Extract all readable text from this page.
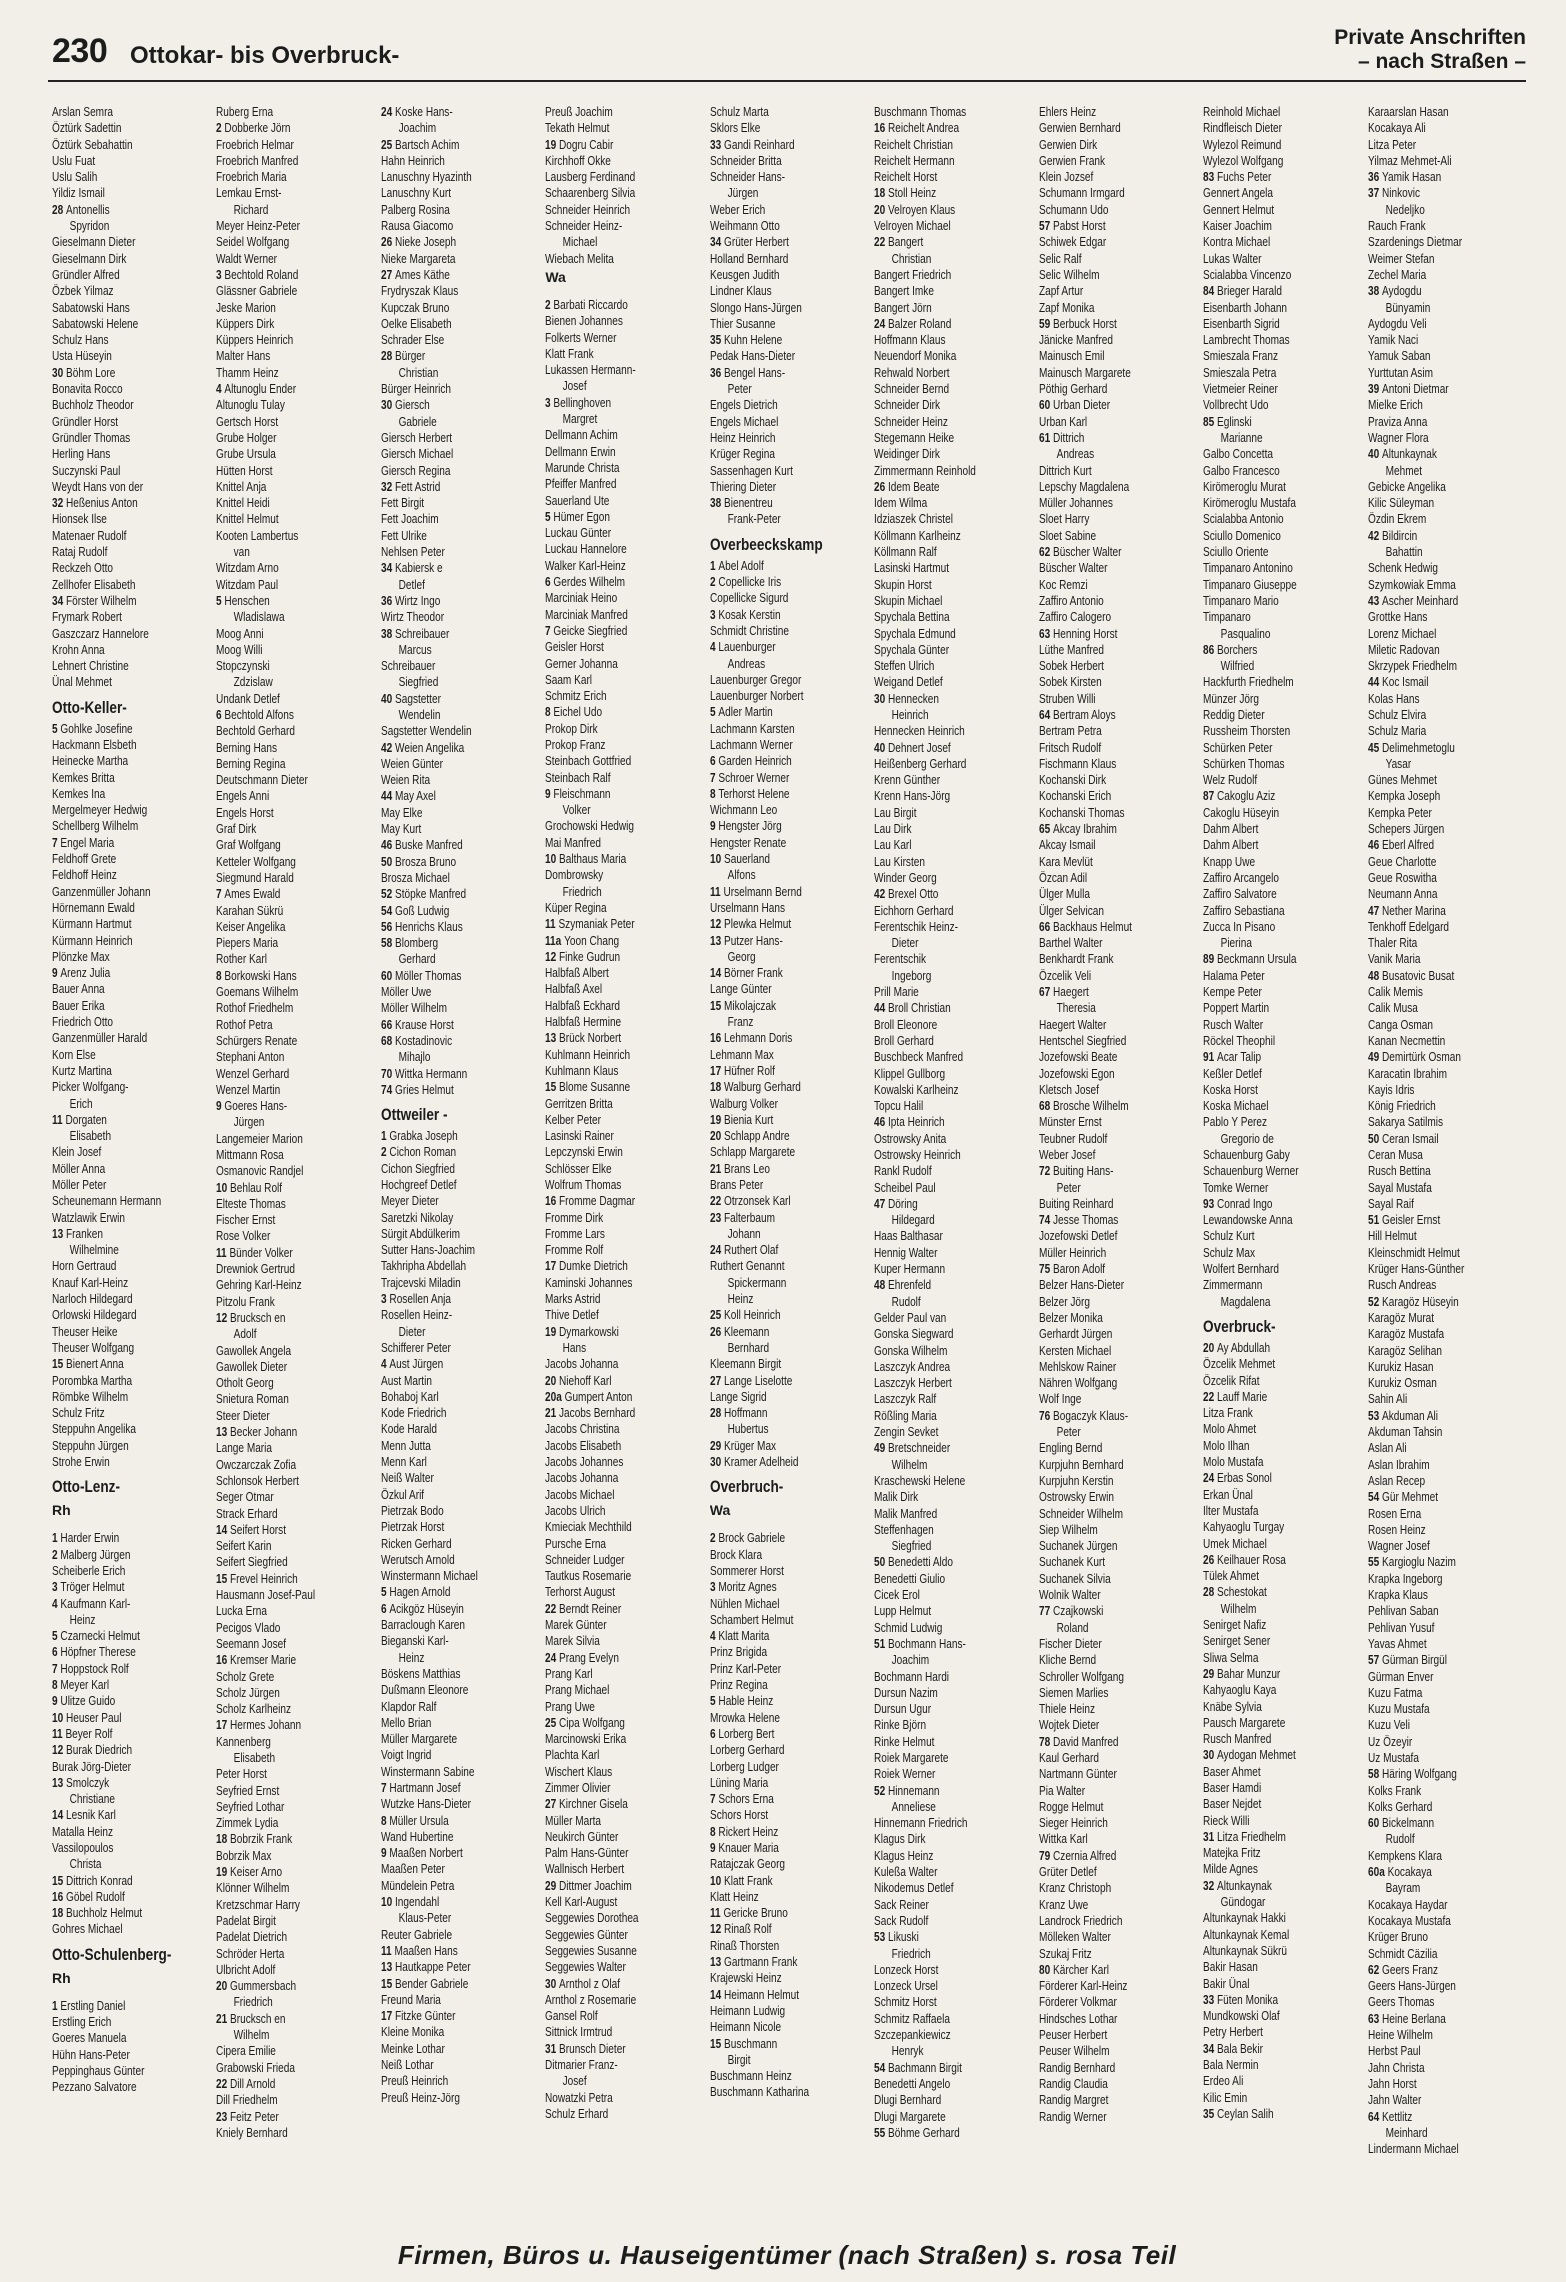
230 Ottokar- bis Overbruck-
Private Anschriften
– nach Straßen –
Arslan Semra
Öztürk Sadettin
Öztürk Sebahattin
Uslu Fuat
Uslu Salih
Yildiz Ismail
28 Antonellis
Spyridon
Gieselmann Dieter
Gieselmann Dirk
Gründler Alfred
Özbek Yilmaz
Sabatowski Hans
Sabatowski Helene
Schulz Hans
Usta Hüseyin
30 Böhm Lore
Bonavita Rocco
Buchholz Theodor
Gründler Horst
Gründler Thomas
Herling Hans
Suczynski Paul
Weydt Hans von der
32 Heßenius Anton
Hionsek Ilse
Matenaer Rudolf
Rataj Rudolf
Reckzeh Otto
Zellhofer Elisabeth
34 Förster Wilhelm
Frymark Robert
Gaszczarz Hannelore
Krohn Anna
Lehnert Christine
Ünal Mehmet
Otto-Keller-
5 Gohlke Josefine
Hackmann Elsbeth
Heinecke Martha
Kemkes Britta
Kemkes Ina
Mergelmeyer Hedwig
Schellberg Wilhelm
7 Engel Maria
Feldhoff Grete
Feldhoff Heinz
Ganzenmüller Johann
Hörnemann Ewald
Kürmann Hartmut
Kürmann Heinrich
Plönzke Max
9 Arenz Julia
Bauer Anna
Bauer Erika
Friedrich Otto
Ganzenmüller Harald
Korn Else
Kurtz Martina
Picker Wolfgang-
Erich
11 Dorgaten
Elisabeth
Klein Josef
Möller Anna
Möller Peter
Scheunemann Hermann
Watzlawik Erwin
13 Franken
Wilhelmine
Horn Gertraud
Knauf Karl-Heinz
Narloch Hildegard
Orlowski Hildegard
Theuser Heike
Theuser Wolfgang
15 Bienert Anna
Porombka Martha
Römbke Wilhelm
Schulz Fritz
Steppuhn Angelika
Steppuhn Jürgen
Strohe Erwin
Otto-Lenz-
Rh
1 Harder Erwin
2 Malberg Jürgen
Scheiberle Erich
3 Tröger Helmut
4 Kaufmann Karl-
Heinz
5 Czarnecki Helmut
6 Höpfner Therese
7 Hoppstock Rolf
8 Meyer Karl
9 Ulitze Guido
10 Heuser Paul
11 Beyer Rolf
12 Burak Diedrich
Burak Jörg-Dieter
13 Smolczyk
Christiane
14 Lesnik Karl
Matalla Heinz
Vassilopoulos
Christa
15 Dittrich Konrad
16 Göbel Rudolf
18 Buchholz Helmut
Gohres Michael
Otto-Schulenberg-
Rh
1 Erstling Daniel
Erstling Erich
Goeres Manuela
Hühn Hans-Peter
Peppinghaus Günter
Pezzano Salvatore
Ruberg Erna
2 Dobberke Jörn
Froebrich Helmar
Froebrich Manfred
Froebrich Maria
Lemkau Ernst-
Richard
Meyer Heinz-Peter
Seidel Wolfgang
Waldt Werner
3 Bechtold Roland
Glässner Gabriele
Jeske Marion
Küppers Dirk
Küppers Heinrich
Malter Hans
Thamm Heinz
4 Altunoglu Ender
Altunoglu Tulay
Gertsch Horst
Grube Holger
Grube Ursula
Hütten Horst
Knittel Anja
Knittel Heidi
Knittel Helmut
Kooten Lambertus
van
Witzdam Arno
Witzdam Paul
5 Henschen
Wladislawa
Moog Anni
Moog Willi
Stopczynski
Zdzislaw
Undank Detlef
6 Bechtold Alfons
Bechtold Gerhard
Berning Hans
Berning Regina
Deutschmann Dieter
Engels Anni
Engels Horst
Graf Dirk
Graf Wolfgang
Ketteler Wolfgang
Siegmund Harald
7 Ames Ewald
Karahan Sükrü
Keiser Angelika
Piepers Maria
Rother Karl
8 Borkowski Hans
Goemans Wilhelm
Rothof Friedhelm
Rothof Petra
Schürgers Renate
Stephani Anton
Wenzel Gerhard
Wenzel Martin
9 Goeres Hans-
Jürgen
Langemeier Marion
Mittmann Rosa
Osmanovic Randjel
10 Behlau Rolf
Elteste Thomas
Fischer Ernst
Rose Volker
11 Bünder Volker
Drewniok Gertrud
Gehring Karl-Heinz
Pitzolu Frank
12 Brucksch en
Adolf
Gawollek Angela
Gawollek Dieter
Otholt Georg
Snietura Roman
Steer Dieter
13 Becker Johann
Lange Maria
Owczarczak Zofia
Schlonsok Herbert
Seger Otmar
Strack Erhard
14 Seifert Horst
Seifert Karin
Seifert Siegfried
15 Frevel Heinrich
Hausmann Josef-Paul
Lucka Erna
Pecigos Vlado
Seemann Josef
16 Kremser Marie
Scholz Grete
Scholz Jürgen
Scholz Karlheinz
17 Hermes Johann
Kannenberg
Elisabeth
Peter Horst
Seyfried Ernst
Seyfried Lothar
Zimmek Lydia
18 Bobrzik Frank
Bobrzik Max
19 Keiser Arno
Klönner Wilhelm
Kretzschmar Harry
Padelat Birgit
Padelat Dietrich
Schröder Herta
Ulbricht Adolf
20 Gummersbach
Friedrich
21 Brucksch en
Wilhelm
Cipera Emilie
Grabowski Frieda
22 Dill Arnold
Dill Friedhelm
23 Feitz Peter
Kniely Bernhard
24 Koske Hans-
Joachim
25 Bartsch Achim
Hahn Heinrich
Lanuschny Hyazinth
Lanuschny Kurt
Palberg Rosina
Rausa Giacomo
26 Nieke Joseph
Nieke Margareta
27 Ames Käthe
Frydryszak Klaus
Kupczak Bruno
Oelke Elisabeth
Schrader Else
28 Bürger
Christian
Bürger Heinrich
30 Giersch
Gabriele
Giersch Herbert
Giersch Michael
Giersch Regina
32 Fett Astrid
Fett Birgit
Fett Joachim
Fett Ulrike
Nehlsen Peter
34 Kabiersk e
Detlef
36 Wirtz Ingo
Wirtz Theodor
38 Schreibauer
Marcus
Schreibauer
Siegfried
40 Sagstetter
Wendelin
Sagstetter Wendelin
42 Weien Angelika
Weien Günter
Weien Rita
44 May Axel
May Elke
May Kurt
46 Buske Manfred
50 Brosza Bruno
Brosza Michael
52 Stöpke Manfred
54 Goß Ludwig
56 Henrichs Klaus
58 Blomberg
Gerhard
60 Möller Thomas
Möller Uwe
Möller Wilhelm
66 Krause Horst
68 Kostadinovic
Mihajlo
70 Wittka Hermann
74 Gries Helmut
Ottweiler -
1 Grabka Joseph
2 Cichon Roman
Cichon Siegfried
Hochgreef Detlef
Meyer Dieter
Saretzki Nikolay
Sürgit Abdülkerim
Sutter Hans-Joachim
Takhripha Abdellah
Trajcevski Miladin
3 Rosellen Anja
Rosellen Heinz-
Dieter
Schifferer Peter
4 Aust Jürgen
Aust Martin
Bohaboj Karl
Kode Friedrich
Kode Harald
Menn Jutta
Menn Karl
Neiß Walter
Özkul Arif
Pietrzak Bodo
Pietrzak Horst
Ricken Gerhard
Werutsch Arnold
Winstermann Michael
5 Hagen Arnold
6 Acikgöz Hüseyin
Barraclough Karen
Bieganski Karl-
Heinz
Böskens Matthias
Dußmann Eleonore
Klapdor Ralf
Mello Brian
Müller Margarete
Voigt Ingrid
Winstermann Sabine
7 Hartmann Josef
Wutzke Hans-Dieter
8 Müller Ursula
Wand Hubertine
9 Maaßen Norbert
Maaßen Peter
Mündelein Petra
10 Ingendahl
Klaus-Peter
Reuter Gabriele
11 Maaßen Hans
13 Hautkappe Peter
15 Bender Gabriele
Freund Maria
17 Fitzke Günter
Kleine Monika
Meinke Lothar
Neiß Lothar
Preuß Heinrich
Preuß Heinz-Jörg
Preuß Joachim
Tekath Helmut
19 Dogru Cabir
Kirchhoff Okke
Lausberg Ferdinand
Schaarenberg Silvia
Schneider Heinrich
Schneider Heinz-
Michael
Wiebach Melita
Wa
2 Barbati Riccardo
Bienen Johannes
Folkerts Werner
Klatt Frank
Lukassen Hermann-
Josef
3 Bellinghoven
Margret
Dellmann Achim
Dellmann Erwin
Marunde Christa
Pfeiffer Manfred
Sauerland Ute
5 Hümer Egon
Luckau Günter
Luckau Hannelore
Walker Karl-Heinz
6 Gerdes Wilhelm
Marciniak Heino
Marciniak Manfred
7 Geicke Siegfried
Geisler Horst
Gerner Johanna
Saam Karl
Schmitz Erich
8 Eichel Udo
Prokop Dirk
Prokop Franz
Steinbach Gottfried
Steinbach Ralf
9 Fleischmann
Volker
Grochowski Hedwig
Mai Manfred
10 Balthaus Maria
Dombrowsky
Friedrich
Küper Regina
11 Szymaniak Peter
11a Yoon Chang
12 Finke Gudrun
Halbfaß Albert
Halbfaß Axel
Halbfaß Eckhard
Halbfaß Hermine
13 Brück Norbert
Kuhlmann Heinrich
Kuhlmann Klaus
15 Blome Susanne
Gerritzen Britta
Kelber Peter
Lasinski Rainer
Lepczynski Erwin
Schlösser Elke
Wolfrum Thomas
16 Fromme Dagmar
Fromme Dirk
Fromme Lars
Fromme Rolf
17 Dumke Dietrich
Kaminski Johannes
Marks Astrid
Thive Detlef
19 Dymarkowski
Hans
Jacobs Johanna
20 Niehoff Karl
20a Gumpert Anton
21 Jacobs Bernhard
Jacobs Christina
Jacobs Elisabeth
Jacobs Johannes
Jacobs Johanna
Jacobs Michael
Jacobs Ulrich
Kmieciak Mechthild
Pursche Erna
Schneider Ludger
Tautkus Rosemarie
Terhorst August
22 Berndt Reiner
Marek Günter
Marek Silvia
24 Prang Evelyn
Prang Karl
Prang Michael
Prang Uwe
25 Cipa Wolfgang
Marcinowski Erika
Plachta Karl
Wischert Klaus
Zimmer Olivier
27 Kirchner Gisela
Müller Marta
Neukirch Günter
Palm Hans-Günter
Wallnisch Herbert
29 Dittmer Joachim
Kell Karl-August
Seggewies Dorothea
Seggewies Günter
Seggewies Susanne
Seggewies Walter
30 Arnthol z Olaf
Arnthol z Rosemarie
Gansel Rolf
Sittnick Irmtrud
31 Brunsch Dieter
Ditmarier Franz-
Josef
Nowatzki Petra
Schulz Erhard
Schulz Marta
Sklors Elke
33 Gandi Reinhard
Schneider Britta
Schneider Hans-
Jürgen
Weber Erich
Weihmann Otto
34 Grüter Herbert
Holland Bernhard
Keusgen Judith
Lindner Klaus
Slongo Hans-Jürgen
Thier Susanne
35 Kuhn Helene
Pedak Hans-Dieter
36 Bengel Hans-
Peter
Engels Dietrich
Engels Michael
Heinz Heinrich
Krüger Regina
Sassenhagen Kurt
Thiering Dieter
38 Bienentreu
Frank-Peter
Overbeeckskamp
1 Abel Adolf
2 Copellicke Iris
Copellicke Sigurd
3 Kosak Kerstin
Schmidt Christine
4 Lauenburger
Andreas
Lauenburger Gregor
Lauenburger Norbert
5 Adler Martin
Lachmann Karsten
Lachmann Werner
6 Garden Heinrich
7 Schroer Werner
8 Terhorst Helene
Wichmann Leo
9 Hengster Jörg
Hengster Renate
10 Sauerland
Alfons
11 Urselmann Bernd
Urselmann Hans
12 Plewka Helmut
13 Putzer Hans-
Georg
14 Börner Frank
Lange Günter
15 Mikolajczak
Franz
16 Lehmann Doris
Lehmann Max
17 Hüfner Rolf
18 Walburg Gerhard
Walburg Volker
19 Bienia Kurt
20 Schlapp Andre
Schlapp Margarete
21 Brans Leo
Brans Peter
22 Otrzonsek Karl
23 Falterbaum
Johann
24 Ruthert Olaf
Ruthert Genannt
Spickermann
Heinz
25 Koll Heinrich
26 Kleemann
Bernhard
Kleemann Birgit
27 Lange Liselotte
Lange Sigrid
28 Hoffmann
Hubertus
29 Krüger Max
30 Kramer Adelheid
Overbruch-
Wa
2 Brock Gabriele
Brock Klara
Sommerer Horst
3 Moritz Agnes
Nühlen Michael
Schambert Helmut
4 Klatt Marita
Prinz Brigida
Prinz Karl-Peter
Prinz Regina
5 Hable Heinz
Mrowka Helene
6 Lorberg Bert
Lorberg Gerhard
Lorberg Ludger
Lüning Maria
7 Schors Erna
Schors Horst
8 Rickert Heinz
9 Knauer Maria
Ratajczak Georg
10 Klatt Frank
Klatt Heinz
11 Gericke Bruno
12 Rinaß Rolf
Rinaß Thorsten
13 Gartmann Frank
Krajewski Heinz
14 Heimann Helmut
Heimann Ludwig
Heimann Nicole
15 Buschmann
Birgit
Buschmann Heinz
Buschmann Katharina
Buschmann Thomas
16 Reichelt Andrea
Reichelt Christian
Reichelt Hermann
Reichelt Horst
18 Stoll Heinz
20 Velroyen Klaus
Velroyen Michael
22 Bangert
Christian
Bangert Friedrich
Bangert Imke
Bangert Jörn
24 Balzer Roland
Hoffmann Klaus
Neuendorf Monika
Rehwald Norbert
Schneider Bernd
Schneider Dirk
Schneider Heinz
Stegemann Heike
Weidinger Dirk
Zimmermann Reinhold
26 Idem Beate
Idem Wilma
Idziaszek Christel
Köllmann Karlheinz
Köllmann Ralf
Lasinski Hartmut
Skupin Horst
Skupin Michael
Spychala Bettina
Spychala Edmund
Spychala Günter
Steffen Ulrich
Weigand Detlef
30 Hennecken
Heinrich
Hennecken Heinrich
40 Dehnert Josef
Heißenberg Gerhard
Krenn Günther
Krenn Hans-Jörg
Lau Birgit
Lau Dirk
Lau Karl
Lau Kirsten
Winder Georg
42 Brexel Otto
Eichhorn Gerhard
Ferentschik Heinz-
Dieter
Ferentschik
Ingeborg
Prill Marie
44 Broll Christian
Broll Eleonore
Broll Gerhard
Buschbeck Manfred
Klippel Gullborg
Kowalski Karlheinz
Topcu Halil
46 Ipta Heinrich
Ostrowsky Anita
Ostrowsky Heinrich
Rankl Rudolf
Scheibel Paul
47 Döring
Hildegard
Haas Balthasar
Hennig Walter
Kuper Hermann
48 Ehrenfeld
Rudolf
Gelder Paul van
Gonska Siegward
Gonska Wilhelm
Laszczyk Andrea
Laszczyk Herbert
Laszczyk Ralf
Rößling Maria
Zengin Sevket
49 Bretschneider
Wilhelm
Kraschewski Helene
Malik Dirk
Malik Manfred
Steffenhagen
Siegfried
50 Benedetti Aldo
Benedetti Giulio
Cicek Erol
Lupp Helmut
Schmid Ludwig
51 Bochmann Hans-
Joachim
Bochmann Hardi
Dursun Nazim
Dursun Ugur
Rinke Björn
Rinke Helmut
Roiek Margarete
Roiek Werner
52 Hinnemann
Anneliese
Hinnemann Friedrich
Klagus Dirk
Klagus Heinz
Kuleßa Walter
Nikodemus Detlef
Sack Reiner
Sack Rudolf
53 Likuski
Friedrich
Lonzeck Horst
Lonzeck Ursel
Schmitz Horst
Schmitz Raffaela
Szczepankiewicz
Henryk
54 Bachmann Birgit
Benedetti Angelo
Dlugi Bernhard
Dlugi Margarete
55 Böhme Gerhard
Ehlers Heinz
Gerwien Bernhard
Gerwien Dirk
Gerwien Frank
Klein Jozsef
Schumann Irmgard
Schumann Udo
57 Pabst Horst
Schiwek Edgar
Selic Ralf
Selic Wilhelm
Zapf Artur
Zapf Monika
59 Berbuck Horst
Jänicke Manfred
Mainusch Emil
Mainusch Margarete
Pöthig Gerhard
60 Urban Dieter
Urban Karl
61 Dittrich
Andreas
Dittrich Kurt
Lepschy Magdalena
Müller Johannes
Sloet Harry
Sloet Sabine
62 Büscher Walter
Büscher Walter
Koc Remzi
Zaffiro Antonio
Zaffiro Calogero
63 Henning Horst
Lüthe Manfred
Sobek Herbert
Sobek Kirsten
Struben Willi
64 Bertram Aloys
Bertram Petra
Fritsch Rudolf
Fischmann Klaus
Kochanski Dirk
Kochanski Erich
Kochanski Thomas
65 Akcay Ibrahim
Akcay Ismail
Kara Mevlüt
Özcan Adil
Ülger Mulla
Ülger Selvican
66 Backhaus Helmut
Barthel Walter
Benkhardt Frank
Özcelik Veli
67 Haegert
Theresia
Haegert Walter
Hentschel Siegfried
Jozefowski Beate
Jozefowski Egon
Kletsch Josef
68 Brosche Wilhelm
Münster Ernst
Teubner Rudolf
Weber Josef
72 Buiting Hans-
Peter
Buiting Reinhard
74 Jesse Thomas
Jozefowski Detlef
Müller Heinrich
75 Baron Adolf
Belzer Hans-Dieter
Belzer Jörg
Belzer Monika
Gerhardt Jürgen
Kersten Michael
Mehlskow Rainer
Nähren Wolfgang
Wolf Inge
76 Bogaczyk Klaus-
Peter
Engling Bernd
Kurpjuhn Bernhard
Kurpjuhn Kerstin
Ostrowsky Erwin
Schneider Wilhelm
Siep Wilhelm
Suchanek Jürgen
Suchanek Kurt
Suchanek Silvia
Wolnik Walter
77 Czajkowski
Roland
Fischer Dieter
Kliche Bernd
Schroller Wolfgang
Siemen Marlies
Thiele Heinz
Wojtek Dieter
78 David Manfred
Kaul Gerhard
Nartmann Günter
Pia Walter
Rogge Helmut
Sieger Heinrich
Wittka Karl
79 Czernia Alfred
Grüter Detlef
Kranz Christoph
Kranz Uwe
Landrock Friedrich
Mölleken Walter
Szukaj Fritz
80 Kärcher Karl
Förderer Karl-Heinz
Förderer Volkmar
Hindsches Lothar
Peuser Herbert
Peuser Wilhelm
Randig Bernhard
Randig Claudia
Randig Margret
Randig Werner
Reinhold Michael
Rindfleisch Dieter
Wylezol Reimund
Wylezol Wolfgang
83 Fuchs Peter
Gennert Angela
Gennert Helmut
Kaiser Joachim
Kontra Michael
Lukas Walter
Scialabba Vincenzo
84 Brieger Harald
Eisenbarth Johann
Eisenbarth Sigrid
Lambrecht Thomas
Smieszala Franz
Smieszala Petra
Vietmeier Reiner
Vollbrecht Udo
85 Eglinski
Marianne
Galbo Concetta
Galbo Francesco
Kirömeroglu Murat
Kirömeroglu Mustafa
Scialabba Antonio
Sciullo Domenico
Sciullo Oriente
Timpanaro Antonino
Timpanaro Giuseppe
Timpanaro Mario
Timpanaro
Pasqualino
86 Borchers
Wilfried
Hackfurth Friedhelm
Münzer Jörg
Reddig Dieter
Russheim Thorsten
Schürken Peter
Schürken Thomas
Welz Rudolf
87 Cakoglu Aziz
Cakoglu Hüseyin
Dahm Albert
Dahm Albert
Knapp Uwe
Zaffiro Arcangelo
Zaffiro Salvatore
Zaffiro Sebastiana
Zucca In Pisano
Pierina
89 Beckmann Ursula
Halama Peter
Kempe Peter
Poppert Martin
Rusch Walter
Röckel Theophil
91 Acar Talip
Keßler Detlef
Koska Horst
Koska Michael
Pablo Y Perez
Gregorio de
Schauenburg Gaby
Schauenburg Werner
Tomke Werner
93 Conrad Ingo
Lewandowske Anna
Schulz Kurt
Schulz Max
Wolfert Bernhard
Zimmermann
Magdalena
Overbruck-
20 Ay Abdullah
Özcelik Mehmet
Özcelik Rifat
22 Lauff Marie
Litza Frank
Molo Ahmet
Molo Ilhan
Molo Mustafa
24 Erbas Sonol
Erkan Ünal
Ilter Mustafa
Kahyaoglu Turgay
Umek Michael
26 Keilhauer Rosa
Tülek Ahmet
28 Schestokat
Wilhelm
Senirget Nafiz
Senirget Sener
Sliwa Selma
29 Bahar Munzur
Kahyaoglu Kaya
Knäbe Sylvia
Pausch Margarete
Rusch Manfred
30 Aydogan Mehmet
Baser Ahmet
Baser Hamdi
Baser Nejdet
Rieck Willi
31 Litza Friedhelm
Matejka Fritz
Milde Agnes
32 Altunkaynak
Gündogar
Altunkaynak Hakki
Altunkaynak Kemal
Altunkaynak Sükrü
Bakir Hasan
Bakir Ünal
33 Füten Monika
Mundkowski Olaf
Petry Herbert
34 Bala Bekir
Bala Nermin
Erdeo Ali
Kilic Emin
35 Ceylan Salih
Karaarslan Hasan
Kocakaya Ali
Litza Peter
Yilmaz Mehmet-Ali
36 Yamik Hasan
37 Ninkovic
Nedeljko
Rauch Frank
Szardenings Dietmar
Weimer Stefan
Zechel Maria
38 Aydogdu
Bünyamin
Aydogdu Veli
Yamik Naci
Yamuk Saban
Yurttutan Asim
39 Antoni Dietmar
Mielke Erich
Praviza Anna
Wagner Flora
40 Altunkaynak
Mehmet
Gebicke Angelika
Kilic Süleyman
Özdin Ekrem
42 Bildircin
Bahattin
Schenk Hedwig
Szymkowiak Emma
43 Ascher Meinhard
Grottke Hans
Lorenz Michael
Miletic Radovan
Skrzypek Friedhelm
44 Koc Ismail
Kolas Hans
Schulz Elvira
Schulz Maria
45 Delimehmetoglu
Yasar
Günes Mehmet
Kempka Joseph
Kempka Peter
Schepers Jürgen
46 Eberl Alfred
Geue Charlotte
Geue Roswitha
Neumann Anna
47 Nether Marina
Tenkhoff Edelgard
Thaler Rita
Vanik Maria
48 Busatovic Busat
Calik Memis
Calik Musa
Canga Osman
Kanan Necmettin
49 Demirtürk Osman
Karacatin Ibrahim
Kayis Idris
König Friedrich
Sakarya Satilmis
50 Ceran Ismail
Ceran Musa
Rusch Bettina
Sayal Mustafa
Sayal Raif
51 Geisler Ernst
Hill Helmut
Kleinschmidt Helmut
Krüger Hans-Günther
Rusch Andreas
52 Karagöz Hüseyin
Karagöz Murat
Karagöz Mustafa
Karagöz Selihan
Kurukiz Hasan
Kurukiz Osman
Sahin Ali
53 Akduman Ali
Akduman Tahsin
Aslan Ali
Aslan Ibrahim
Aslan Recep
54 Gür Mehmet
Rosen Erna
Rosen Heinz
Wagner Josef
55 Kargioglu Nazim
Krapka Ingeborg
Krapka Klaus
Pehlivan Saban
Pehlivan Yusuf
Yavas Ahmet
57 Gürman Birgül
Gürman Enver
Kuzu Fatma
Kuzu Mustafa
Kuzu Veli
Uz Özeyir
Uz Mustafa
58 Häring Wolfgang
Kolks Frank
Kolks Gerhard
60 Bickelmann
Rudolf
Kempkens Klara
60a Kocakaya
Bayram
Kocakaya Haydar
Kocakaya Mustafa
Krüger Bruno
Schmidt Cäzilia
62 Geers Franz
Geers Hans-Jürgen
Geers Thomas
63 Heine Berlana
Heine Wilhelm
Herbst Paul
Jahn Christa
Jahn Horst
Jahn Walter
64 Kettlitz
Meinhard
Lindermann Michael
Firmen, Büros u. Hauseigentümer (nach Straßen) s. rosa Teil
